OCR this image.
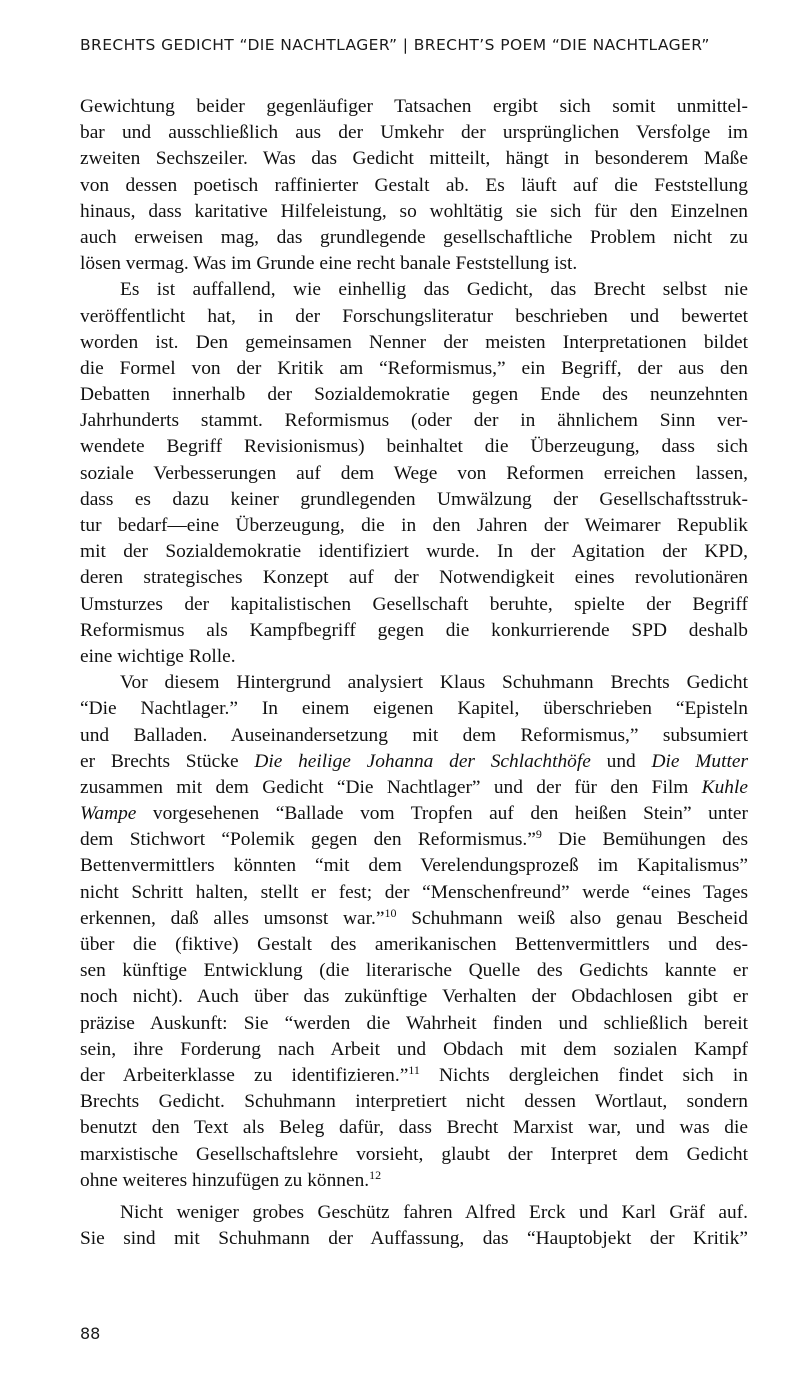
BRECHTS GEDICHT “DIE NACHTLAGER” | BRECHT’S POEM “DIE NACHTLAGER”

Gewichtung beider gegenläufiger Tatsachen ergibt sich somit unmittel-
bar und ausschließlich aus der Umkehr der ursprünglichen Versfolge im
zweiten Sechszeiler. Was das Gedicht mitteilt, hängt in besonderem Maße
von dessen poetisch raffinierter Gestalt ab. Es läuft auf die Feststellung
hinaus, dass karitative Hilfeleistung, so wohltätig sie sich für den Einzelnen
auch erweisen mag, das grundlegende gesellschaftliche Problem nicht zu
lösen vermag. Was im Grunde eine recht banale Feststellung ist.

Es ist auffallend, wie einhellig das Gedicht, das Brecht selbst nie
veröffentlicht hat, in der Forschungsliteratur beschrieben und bewertet
worden ist. Den gemeinsamen Nenner der meisten Interpretationen bildet
die Formel von der Kritik am “Reformismus,” ein Begriff, der aus den
Debatten innerhalb der Sozialdemokratie gegen Ende des neunzehnten
Jahrhunderts stammt. Reformismus (oder der in ähnlichem Sinn ver-
wendete Begriff Revisionismus) beinhaltet die Überzeugung, dass sich
soziale Verbesserungen auf dem Wege von Reformen erreichen lassen,
dass es dazu keiner grundlegenden Umwälzung der Gesellschaftsstruk-
tur bedarf—eine Überzeugung, die in den Jahren der Weimarer Republik
mit der Sozialdemokratie identifiziert wurde. In der Agitation der KPD,
deren strategisches Konzept auf der Notwendigkeit eines revolutionären
Umsturzes der kapitalistischen Gesellschaft beruhte, spielte der Begriff
Reformismus als Kampfbegriff gegen die konkurrierende SPD deshalb
eine wichtige Rolle.

Vor diesem Hintergrund analysiert Klaus Schuhmann Brechts Gedicht
“Die Nachtlager.” In einem eigenen Kapitel, überschrieben “Episteln
und Balladen. Auseinandersetzung mit dem Reformismus,” subsumiert
er Brechts Stücke Die heilige Johanna der Schlachthöfe und Die Mutter
zusammen mit dem Gedicht “Die Nachtlager” und der für den Film Kuhle
Wampe vorgesehenen “Ballade vom Tropfen auf den heißen Stein” unter
dem Stichwort “Polemik gegen den Reformismus.”$^9$ Die Bemühungen des
Bettenvermittlers könnten “mit dem Verelendungsprozeß im Kapitalismus”
nicht Schritt halten, stellt er fest; der “Menschenfreund” werde “eines Tages
erkennen, daß alles umsonst war.”$^{10}$ Schuhmann weiß also genau Bescheid
über die (fiktive) Gestalt des amerikanischen Bettenvermittlers und des-
sen künftige Entwicklung (die literarische Quelle des Gedichts kannte er
noch nicht). Auch über das zukünftige Verhalten der Obdachlosen gibt er
präzise Auskunft: Sie “werden die Wahrheit finden und schließlich bereit
sein, ihre Forderung nach Arbeit und Obdach mit dem sozialen Kampf
der Arbeiterklasse zu identifizieren.”$^{11}$ Nichts dergleichen findet sich in
Brechts Gedicht. Schuhmann interpretiert nicht dessen Wortlaut, sondern
benutzt den Text als Beleg dafür, dass Brecht Marxist war, und was die
marxistische Gesellschaftslehre vorsieht, glaubt der Interpret dem Gedicht
ohne weiteres hinzufügen zu können.$^{12}$

Nicht weniger grobes Geschütz fahren Alfred Erck und Karl Gräf auf.
Sie sind mit Schuhmann der Auffassung, das “Hauptobjekt der Kritik”

88
